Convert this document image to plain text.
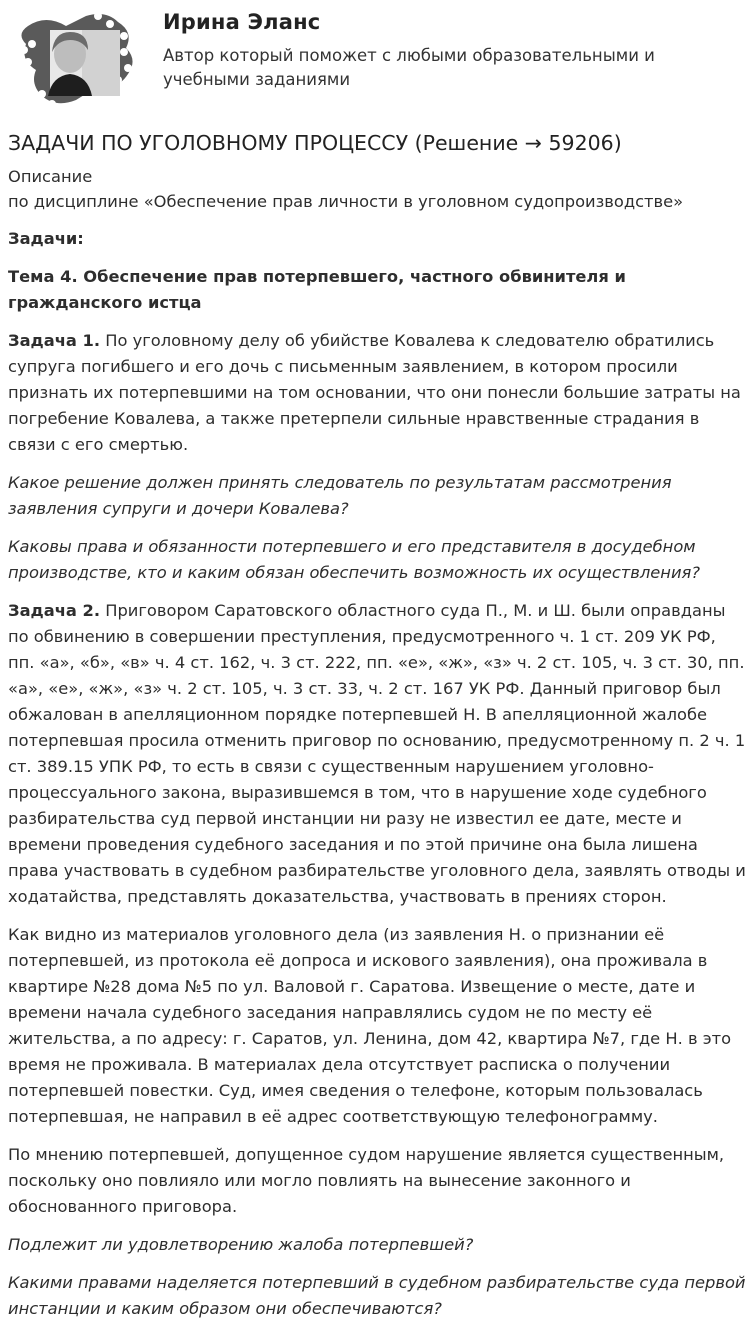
Ирина Эланс
Автор который поможет с любыми образовательными и учебными заданиями
ЗАДАЧИ ПО УГОЛОВНОМУ ПРОЦЕССУ (Решение → 59206)

Описание

по дисциплине «Обеспечение прав личности в уголовном судопроизводстве»

Задачи:

Тема 4. Обеспечение прав потерпевшего, частного обвинителя и гражданского истца

Задача 1. По уголовному делу об убийстве Ковалева к следователю обратились супруга погибшего и его дочь с письменным заявлением, в котором просили признать их потерпевшими на том основании, что они понесли большие затраты на погребение Ковалева, а также претерпели сильные нравственные страдания в связи с его смертью.

Какое решение должен принять следователь по результатам рассмотрения заявления супруги и дочери Ковалева?

Каковы права и обязанности потерпевшего и его представителя в досудебном производстве, кто и каким обязан обеспечить возможность их осуществления?

Задача 2. Приговором Саратовского областного суда П., М. и Ш. были оправданы по обвинению в совершении преступления, предусмотренного ч. 1 ст. 209 УК РФ, пп. «а», «б», «в» ч. 4 ст. 162, ч. 3 ст. 222, пп. «е», «ж», «з» ч. 2 ст. 105, ч. 3 ст. 30, пп. «а», «е», «ж», «з» ч. 2 ст. 105, ч. 3 ст. 33, ч. 2 ст. 167 УК РФ. Данный приговор был обжалован в апелляционном порядке потерпевшей Н. В апелляционной жалобе потерпевшая просила отменить приговор по основанию, предусмотренному п. 2 ч. 1 ст. 389.15 УПК РФ, то есть в связи с существенным нарушением уголовно-процессуального закона, выразившемся в том, что в нарушение ходе судебного разбирательства суд первой инстанции ни разу не известил ее дате, месте и времени проведения судебного заседания и по этой причине она была лишена права участвовать в судебном разбирательстве уголовного дела, заявлять отводы и ходатайства, представлять доказательства, участвовать в прениях сторон.

Как видно из материалов уголовного дела (из заявления Н. о признании её потерпевшей, из протокола её допроса и искового заявления), она проживала в квартире №28 дома №5 по ул. Валовой г. Саратова. Извещение о месте, дате и времени начала судебного заседания направлялись судом не по месту её жительства, а по адресу: г. Саратов, ул. Ленина, дом 42, квартира №7, где Н. в это время не проживала. В материалах дела отсутствует расписка о получении потерпевшей повестки. Суд, имея сведения о телефоне, которым пользовалась потерпевшая, не направил в её адрес соответствующую телефонограмму.

По мнению потерпевшей, допущенное судом нарушение является существенным, поскольку оно повлияло или могло повлиять на вынесение законного и обоснованного приговора.

Подлежит ли удовлетворению жалоба потерпевшей?

Какими правами наделяется потерпевший в судебном разбирательстве суда первой инстанции и каким образом они обеспечиваются?
